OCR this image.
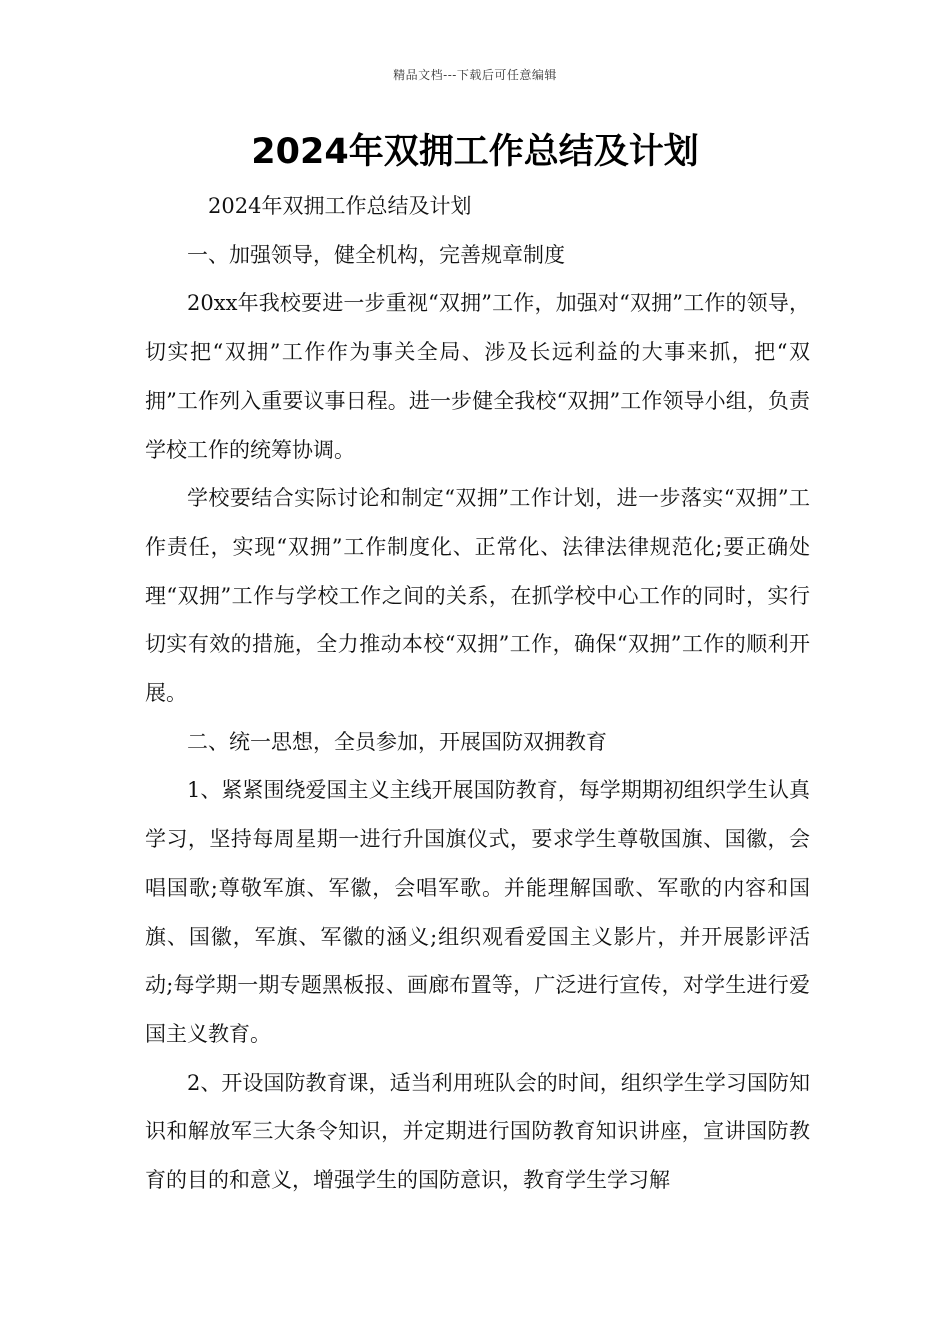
精品文档---下载后可任意编辑
2024年双拥工作总结及计划

2024年双拥工作总结及计划

一、加强领导，健全机构，完善规章制度

20xx年我校要进一步重视“双拥”工作，加强对“双拥”工作的领导，切实把“双拥”工作作为事关全局、涉及长远利益的大事来抓，把“双拥”工作列入重要议事日程。进一步健全我校“双拥”工作领导小组，负责学校工作的统筹协调。

学校要结合实际讨论和制定“双拥”工作计划，进一步落实“双拥”工作责任，实现“双拥”工作制度化、正常化、法律法律规范化;要正确处理“双拥”工作与学校工作之间的关系，在抓学校中心工作的同时，实行切实有效的措施，全力推动本校“双拥”工作，确保“双拥”工作的顺利开展。

二、统一思想，全员参加，开展国防双拥教育

1、紧紧围绕爱国主义主线开展国防教育，每学期期初组织学生认真学习，坚持每周星期一进行升国旗仪式，要求学生尊敬国旗、国徽，会唱国歌;尊敬军旗、军徽，会唱军歌。并能理解国歌、军歌的内容和国旗、国徽，军旗、军徽的涵义;组织观看爱国主义影片，并开展影评活动;每学期一期专题黑板报、画廊布置等，广泛进行宣传，对学生进行爱国主义教育。

2、开设国防教育课，适当利用班队会的时间，组织学生学习国防知识和解放军三大条令知识，并定期进行国防教育知识讲座，宣讲国防教育的目的和意义，增强学生的国防意识，教育学生学习解
